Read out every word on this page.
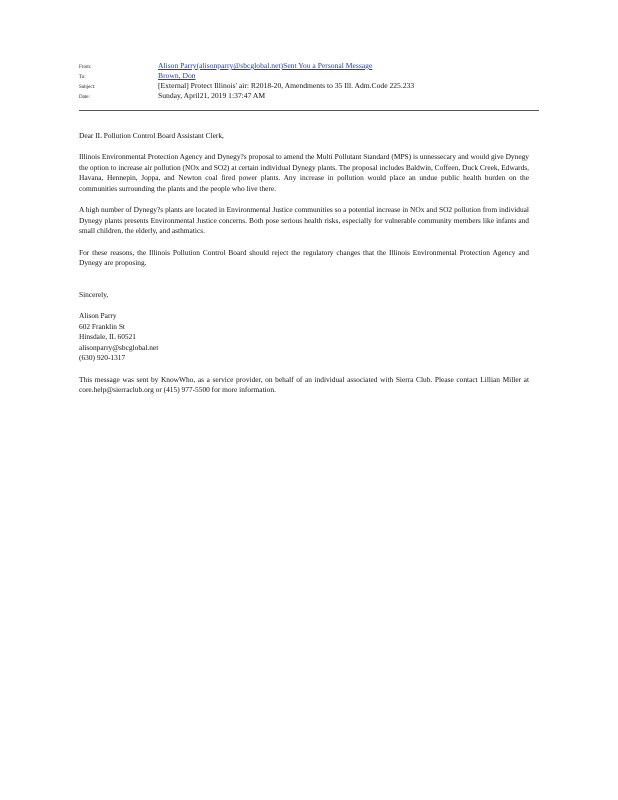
From:	Alison Parry(alisonparry@sbcglobal.net)Sent You a Personal Message
To:	Brown, Don
Subject:	[External] Protect Illinois' air: R2018-20, Amendments to 35 Ill. Adm.Code 225.233
Date:	Sunday, April21, 2019 1:37:47 AM

Dear IL Pollution Control Board Assistant Clerk,

Illinois Environmental Protection Agency and Dynegy?s proposal to amend the Multi Pollutant Standard (MPS) is unnessecary and would give Dynegy the option to increase air pollution (NOx and SO2) at certain individual Dynegy plants. The proposal includes Baldwin, Coffeen, Duck Creek, Edwards, Havana, Hennepin, Joppa, and Newton coal fired power plants. Any increase in pollution would place an undue public health burden on the communities surrounding the plants and the people who live there.

A high number of Dynegy?s plants are located in Environmental Justice communities so a potential increase in NOx and SO2 pollution from individual Dynegy plants presents Environmental Justice concerns. Both pose serious health risks, especially for vulnerable community members like infants and small children, the elderly, and asthmatics.

For these reasons, the Illinois Pollution Control Board should reject the regulatory changes that the Illinois Environmental Protection Agency and Dynegy are proposing.

Sincerely,

Alison Parry
602 Franklin St
Hinsdale, IL 60521
alisonparry@sbcglobal.net
(630) 920-1317

This message was sent by KnowWho, as a service provider, on behalf of an individual associated with Sierra Club. Please contact Lillian Miller at core.help@sierraclub.org or (415) 977-5500 for more information.
